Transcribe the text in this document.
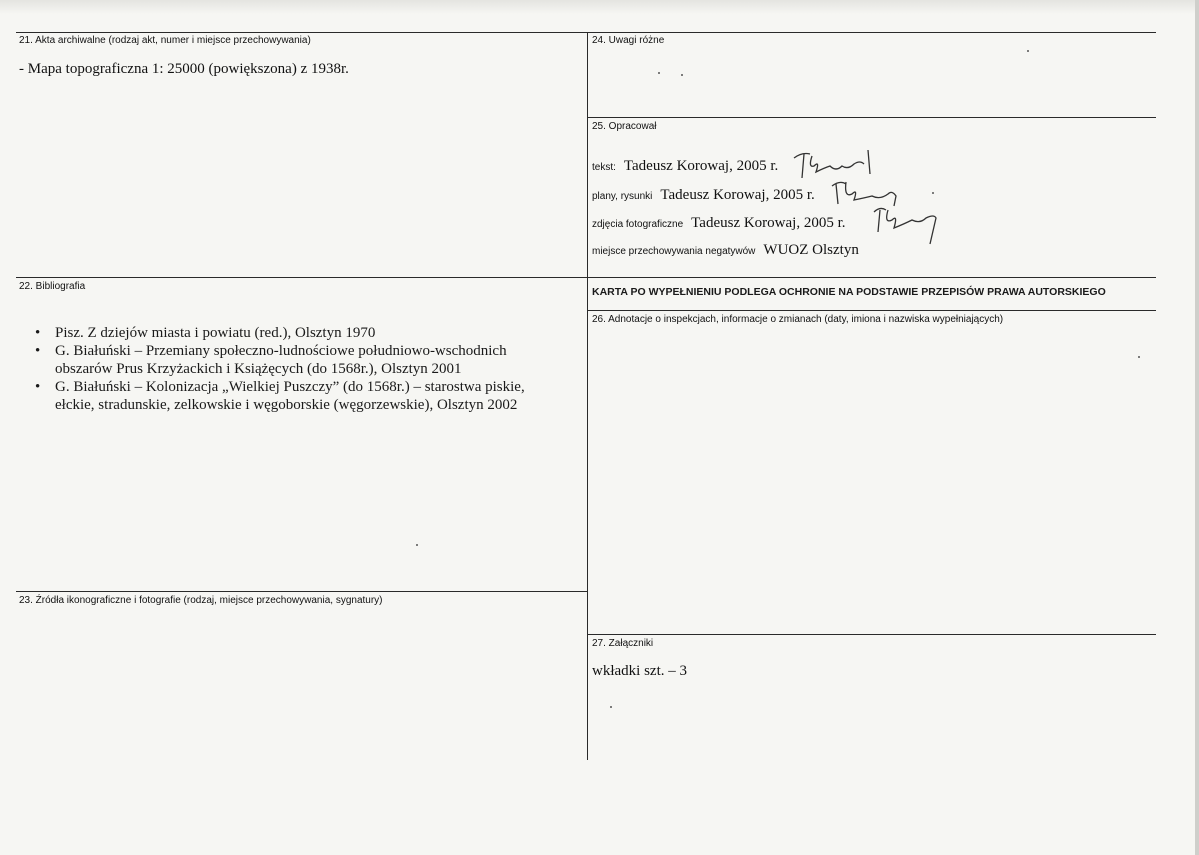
21. Akta archiwalne (rodzaj akt, numer i miejsce przechowywania)
- Mapa topograficzna 1: 25000 (powiększona) z 1938r.
22. Bibliografia
• Pisz. Z dziejów miasta i powiatu (red.), Olsztyn 1970
• G. Białuński – Przemiany społeczno-ludnościowe południowo-wschodnich
obszarów Prus Krzyżackich i Książęcych (do 1568r.), Olsztyn 2001
• G. Białuński – Kolonizacja „Wielkiej Puszczy” (do 1568r.) – starostwa piskie,
ełckie, stradunskie, zelkowskie i węgoborskie (węgorzewskie), Olsztyn 2002
23. Źródła ikonograficzne i fotografie (rodzaj, miejsce przechowywania, sygnatury)
24. Uwagi różne
25. Opracował
tekst: Tadeusz Korowaj, 2005 r.
plany, rysunki Tadeusz Korowaj, 2005 r.
zdjęcia fotograficzne Tadeusz Korowaj, 2005 r.
miejsce przechowywania negatywów WUOZ Olsztyn
KARTA PO WYPEŁNIENIU PODLEGA OCHRONIE NA PODSTAWIE PRZEPISÓW PRAWA AUTORSKIEGO
26. Adnotacje o inspekcjach, informacje o zmianach (daty, imiona i nazwiska wypełniających)
27. Załączniki
wkładki szt. – 3
